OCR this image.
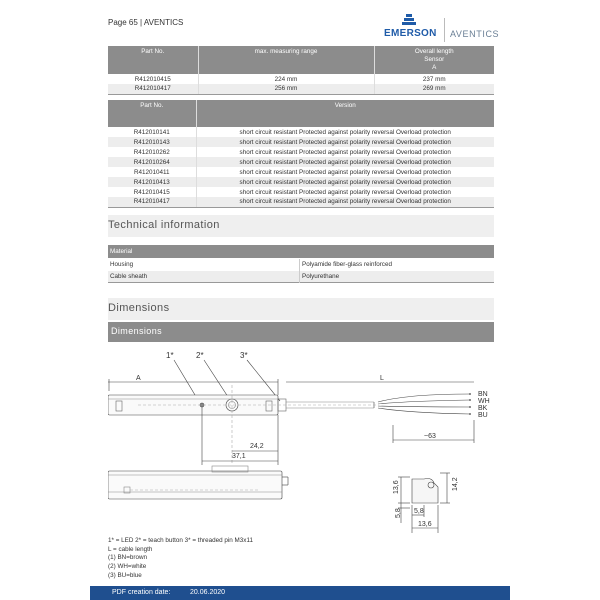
Page 65 | AVENTICS
EMERSON AVENTICS
Part No.	max. measuring range	Overall length
Sensor
A

R412010415	224 mm	237 mm
R412010417	256 mm	269 mm
Part No.	Version
R412010141	short circuit resistant Protected against polarity reversal Overload protection
R412010143	short circuit resistant Protected against polarity reversal Overload protection
R412010262	short circuit resistant Protected against polarity reversal Overload protection
R412010264	short circuit resistant Protected against polarity reversal Overload protection
R412010411	short circuit resistant Protected against polarity reversal Overload protection
R412010413	short circuit resistant Protected against polarity reversal Overload protection
R412010415	short circuit resistant Protected against polarity reversal Overload protection
R412010417	short circuit resistant Protected against polarity reversal Overload protection
Technical information
Material
Housing	Polyamide fiber-glass reinforced
Cable sheath	Polyurethane
Dimensions
Dimensions
1*	2*	3*
A	L
BN
WH
BK
BU
~63
24,2
37,1
13,6	14,2
5,8 5,8
13,6
1* = LED 2* = teach button 3* = threaded pin M3x11
L = cable length
(1) BN=brown
(2) WH=white
(3) BU=blue
PDF creation date:	20.06.2020
